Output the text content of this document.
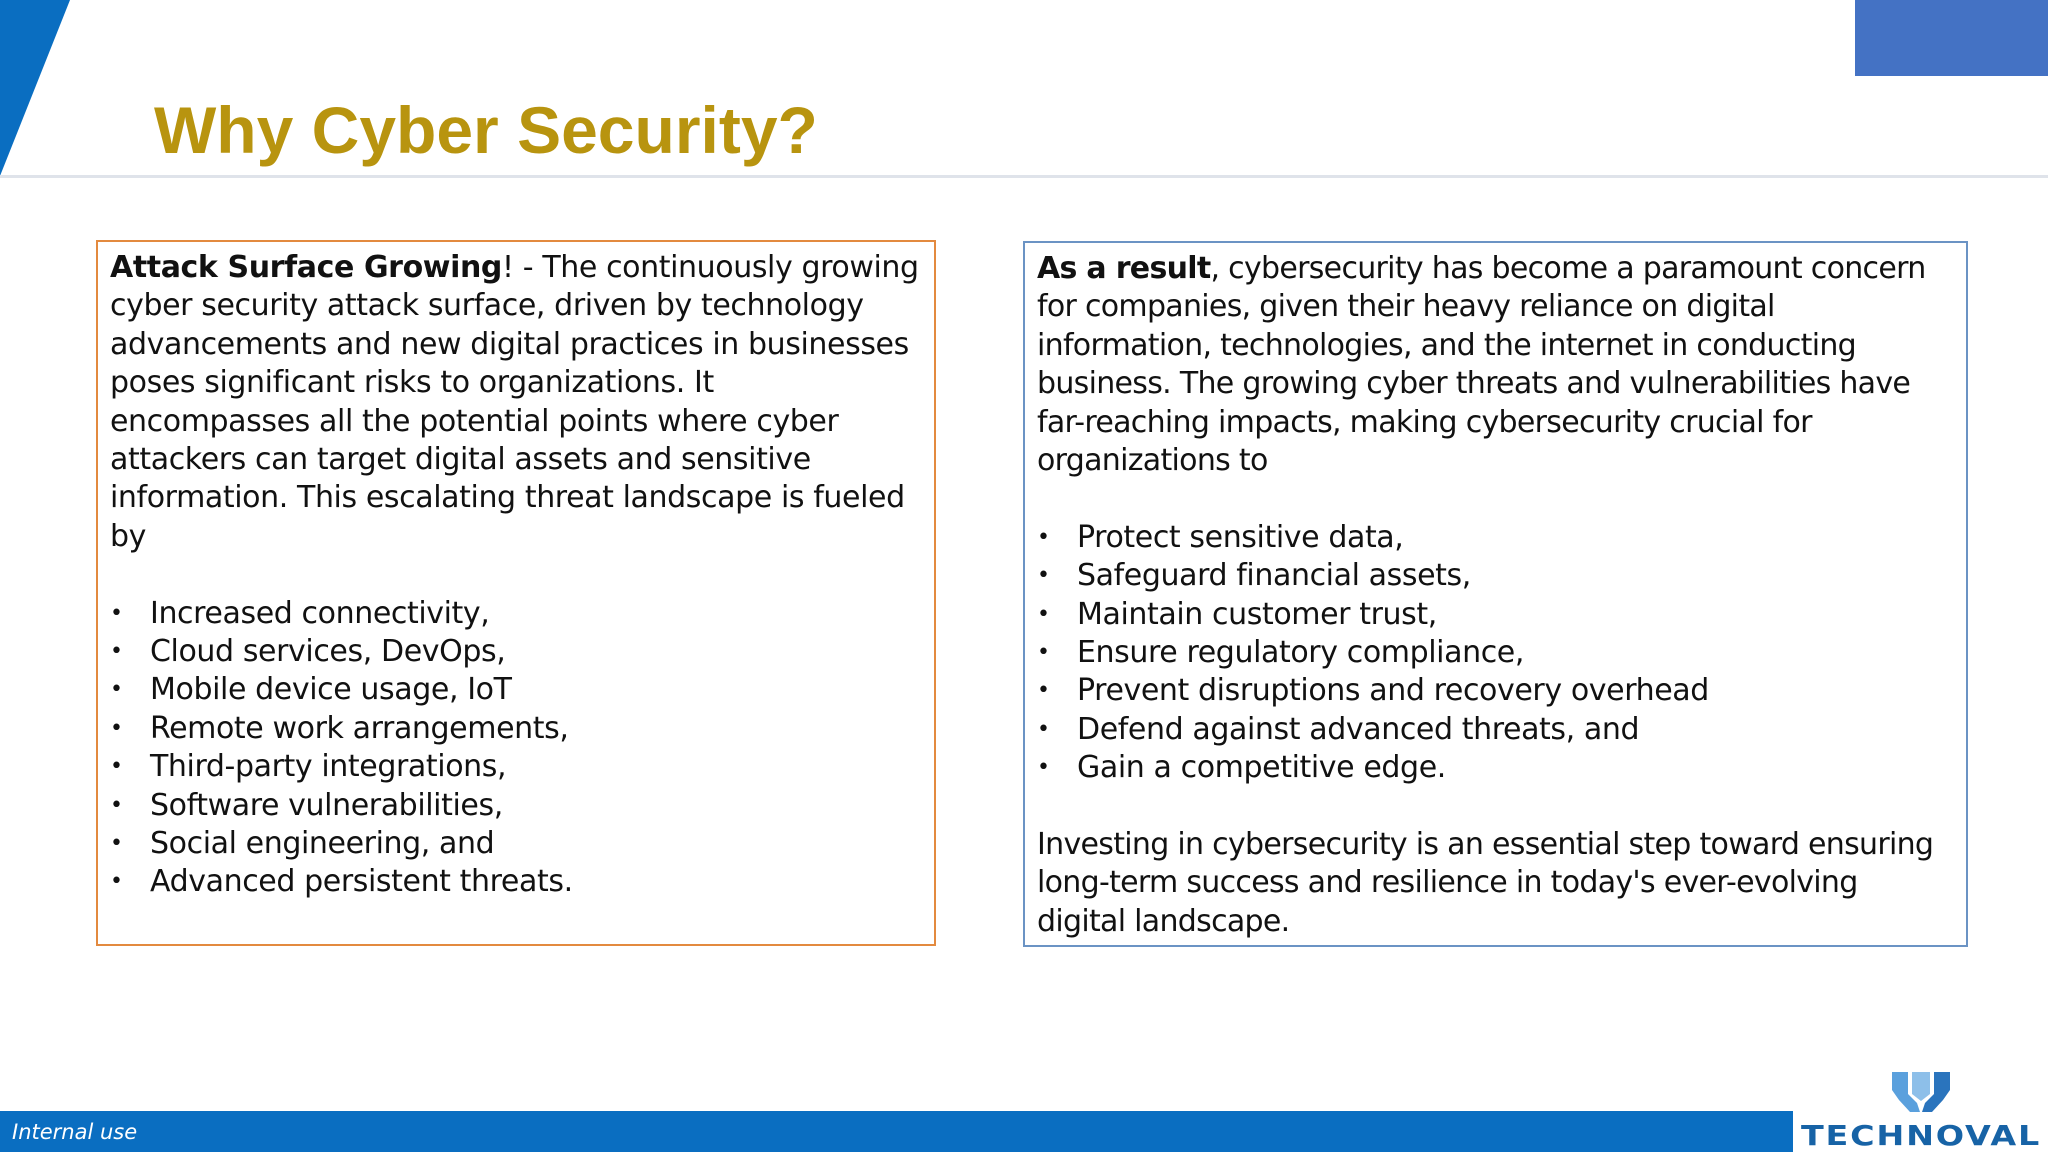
Why Cyber Security?

Attack Surface Growing! - The continuously growing cyber security attack surface, driven by technology advancements and new digital practices in businesses poses significant risks to organizations. It encompasses all the potential points where cyber attackers can target digital assets and sensitive information. This escalating threat landscape is fueled by

• Increased connectivity,
• Cloud services, DevOps,
• Mobile device usage, IoT
• Remote work arrangements,
• Third-party integrations,
• Software vulnerabilities,
• Social engineering, and
• Advanced persistent threats.

As a result, cybersecurity has become a paramount concern for companies, given their heavy reliance on digital information, technologies, and the internet in conducting business. The growing cyber threats and vulnerabilities have far-reaching impacts, making cybersecurity crucial for organizations to

• Protect sensitive data,
• Safeguard financial assets,
• Maintain customer trust,
• Ensure regulatory compliance,
• Prevent disruptions and recovery overhead
• Defend against advanced threats, and
• Gain a competitive edge.

Investing in cybersecurity is an essential step toward ensuring long-term success and resilience in today's ever-evolving digital landscape.

Internal use	TECHNOVAL
